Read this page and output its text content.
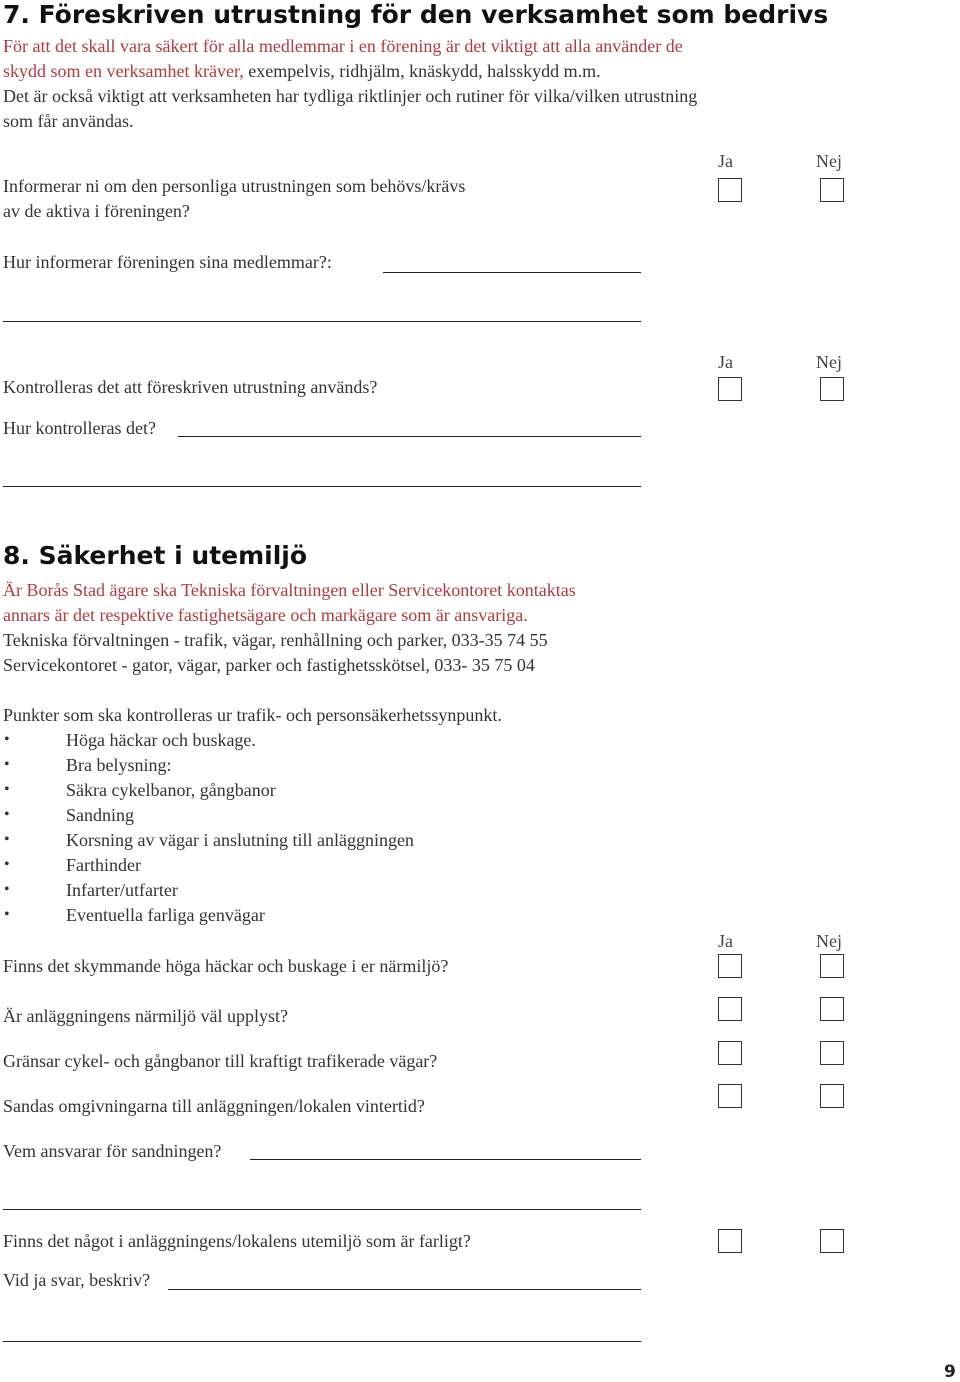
7. Föreskriven utrustning för den verksamhet som bedrivs
För att det skall vara säkert för alla medlemmar i en förening är det viktigt att alla använder de
skydd som en verksamhet kräver, exempelvis, ridhjälm, knäskydd, halsskydd m.m.
Det är också viktigt att verksamheten har tydliga riktlinjer och rutiner för vilka/vilken utrustning
som får användas.
Ja	Nej
Informerar ni om den personliga utrustningen som behövs/krävs
av de aktiva i föreningen?
Hur informerar föreningen sina medlemmar?:
Ja	Nej
Kontrolleras det att föreskriven utrustning används?
Hur kontrolleras det?
8. Säkerhet i utemiljö
Är Borås Stad ägare ska Tekniska förvaltningen eller Servicekontoret kontaktas
annars är det respektive fastighetsägare och markägare som är ansvariga.
Tekniska förvaltningen - trafik, vägar, renhållning och parker, 033-35 74 55
Servicekontoret - gator, vägar, parker och fastighetsskötsel, 033- 35 75 04
Punkter som ska kontrolleras ur trafik- och personsäkerhetssynpunkt.
•	Höga häckar och buskage.
•	Bra belysning:
•	Säkra cykelbanor, gångbanor
•	Sandning
•	Korsning av vägar i anslutning till anläggningen
•	Farthinder
•	Infarter/utfarter
•	Eventuella farliga genvägar
Ja	Nej
Finns det skymmande höga häckar och buskage i er närmiljö?
Är anläggningens närmiljö väl upplyst?
Gränsar cykel- och gångbanor till kraftigt trafikerade vägar?
Sandas omgivningarna till anläggningen/lokalen vintertid?
Vem ansvarar för sandningen?
Finns det något i anläggningens/lokalens utemiljö som är farligt?
Vid ja svar, beskriv?
9
